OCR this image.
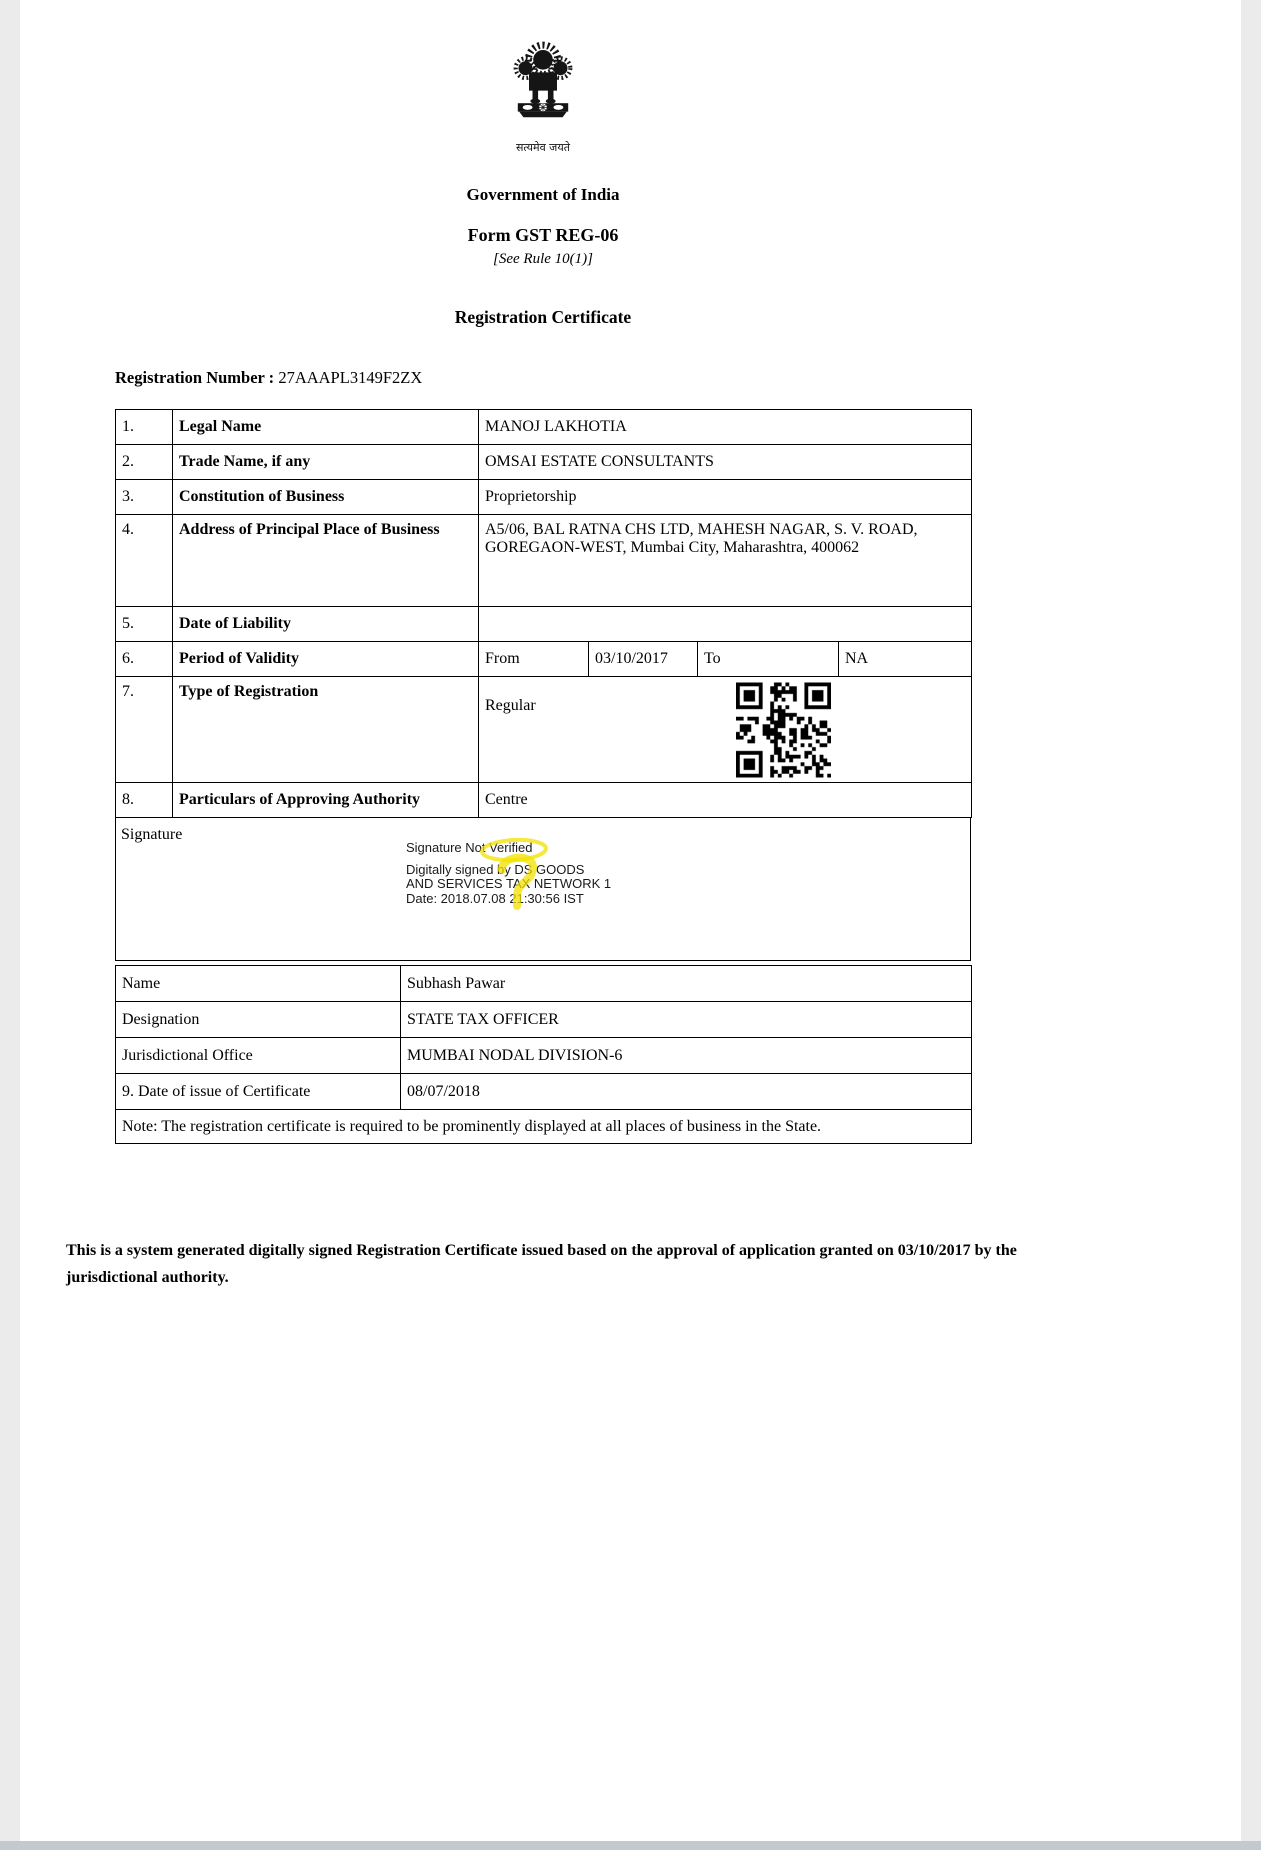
सत्यमेव जयते
Government of India
Form GST REG-06
[See Rule 10(1)]
Registration Certificate
Registration Number : 27AAAPL3149F2ZX
1.	Legal Name	MANOJ LAKHOTIA			
2.	Trade Name, if any	OMSAI ESTATE CONSULTANTS			
3.	Constitution of Business	Proprietorship			
4.	Address of Principal Place of Business	A5/06, BAL RATNA CHS LTD, MAHESH NAGAR, S. V. ROAD, GOREGAON-WEST, Mumbai City, Maharashtra, 400062			
5.	Date of Liability				
6.	Period of Validity	From	03/10/2017	To	NA
7.	Type of Registration	Regular			

8.	Particulars of Approving Authority	Centre			
Signature
Signature Not Verified
Digitally signed by DS GOODS
AND SERVICES TAX NETWORK 1
Date: 2018.07.08 21:30:56 IST
Name	Subhash Pawar
Designation	STATE TAX OFFICER
Jurisdictional Office	MUMBAI NODAL DIVISION-6
9. Date of issue of Certificate	08/07/2018
Note: The registration certificate is required to be prominently displayed at all places of business in the State.	
This is a system generated digitally signed Registration Certificate issued based on the approval of application granted on 03/10/2017 by the jurisdictional authority.
